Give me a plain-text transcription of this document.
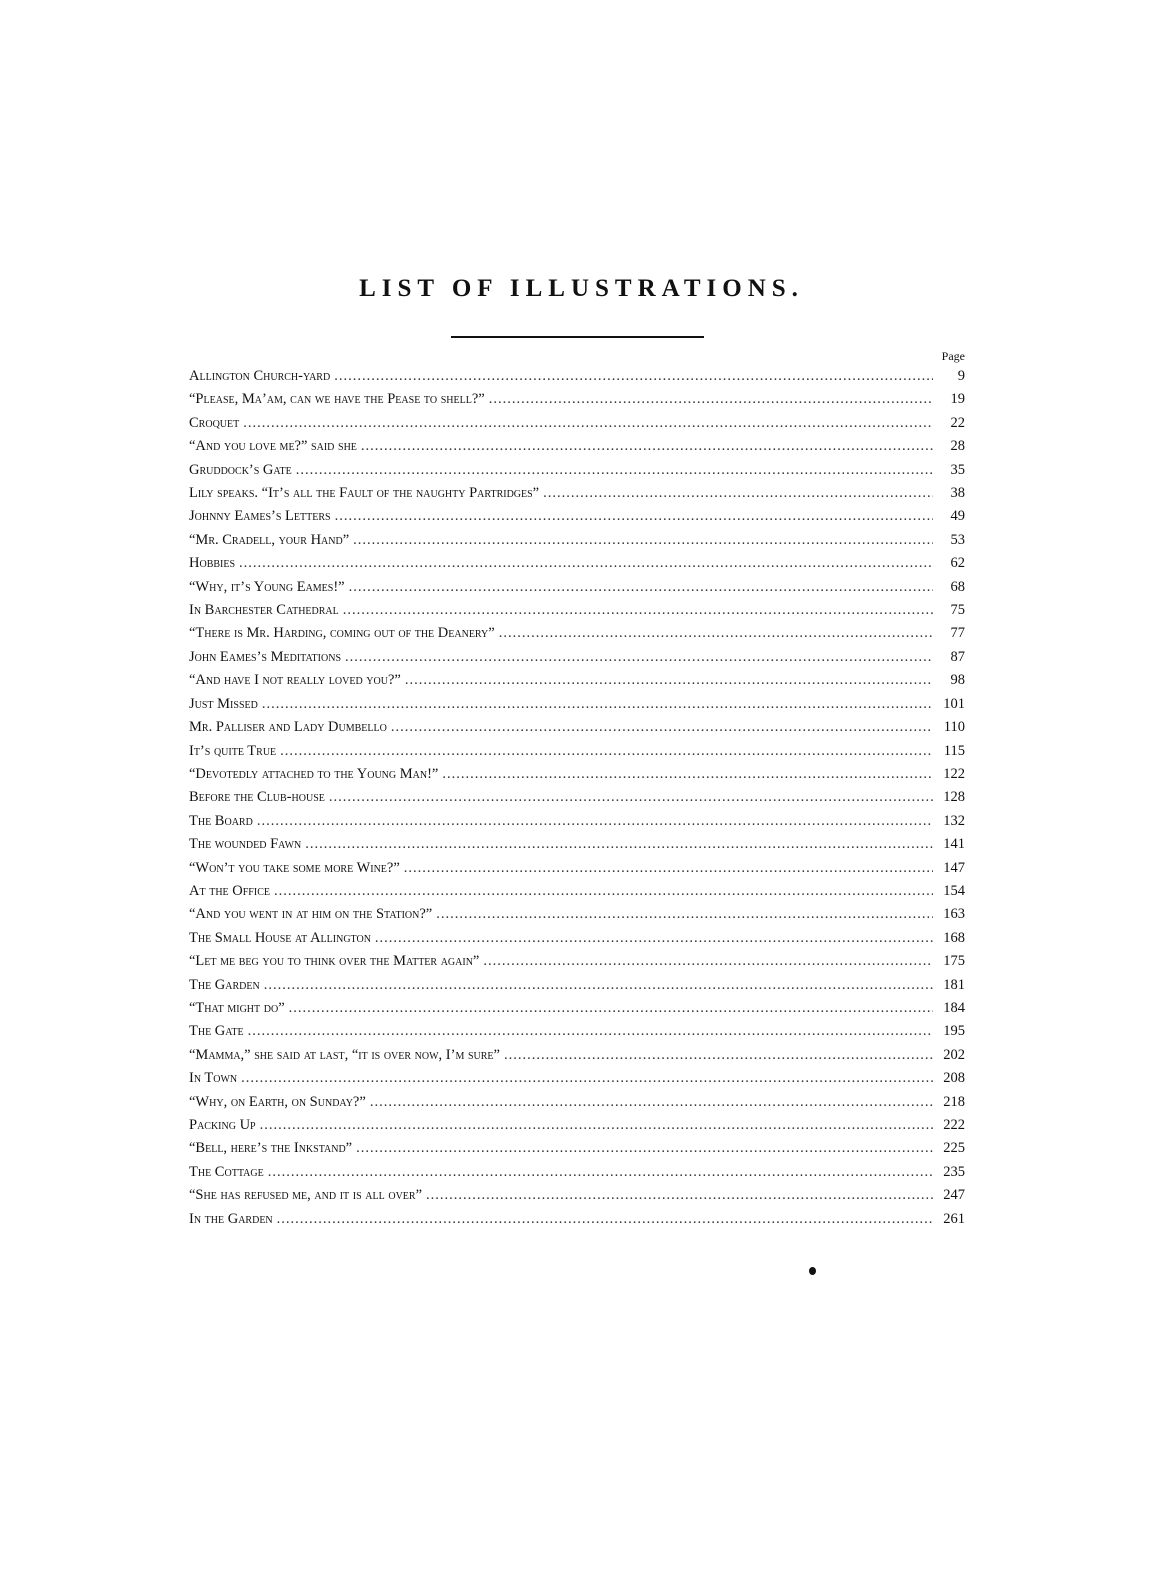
LIST OF ILLUSTRATIONS.
Page
Allington Church-yard .....	9
“Please, Ma’am, can we have the Pease to shell?” .....	19
Croquet .....	22
“And you love me?” said she .....	28
Gruddock’s Gate .....	35
Lily speaks. “It’s all the Fault of the naughty Partridges” .....	38
Johnny Eames’s Letters .....	49
“Mr. Cradell, your Hand” .....	53
Hobbies .....	62
“Why, it’s Young Eames!” .....	68
In Barchester Cathedral .....	75
“There is Mr. Harding, coming out of the Deanery” .....	77
John Eames’s Meditations .....	87
“And have I not really loved you?” .....	98
Just Missed .....	101
Mr. Palliser and Lady Dumbello .....	110
It’s quite True .....	115
“Devotedly attached to the Young Man!” .....	122
Before the Club-house .....	128
The Board .....	132
The wounded Fawn .....	141
“Won’t you take some more Wine?” .....	147
At the Office .....	154
“And you went in at him on the Station?” .....	163
The Small House at Allington .....	168
“Let me beg you to think over the Matter again” .....	175
The Garden .....	181
“That might do” .....	184
The Gate .....	195
“Mamma,” she said at last, “it is over now, I’m sure” .....	202
In Town .....	208
“Why, on Earth, on Sunday?” .....	218
Packing Up .....	222
“Bell, here’s the Inkstand” .....	225
The Cottage .....	235
“She has refused me, and it is all over” .....	247
In the Garden .....	261
